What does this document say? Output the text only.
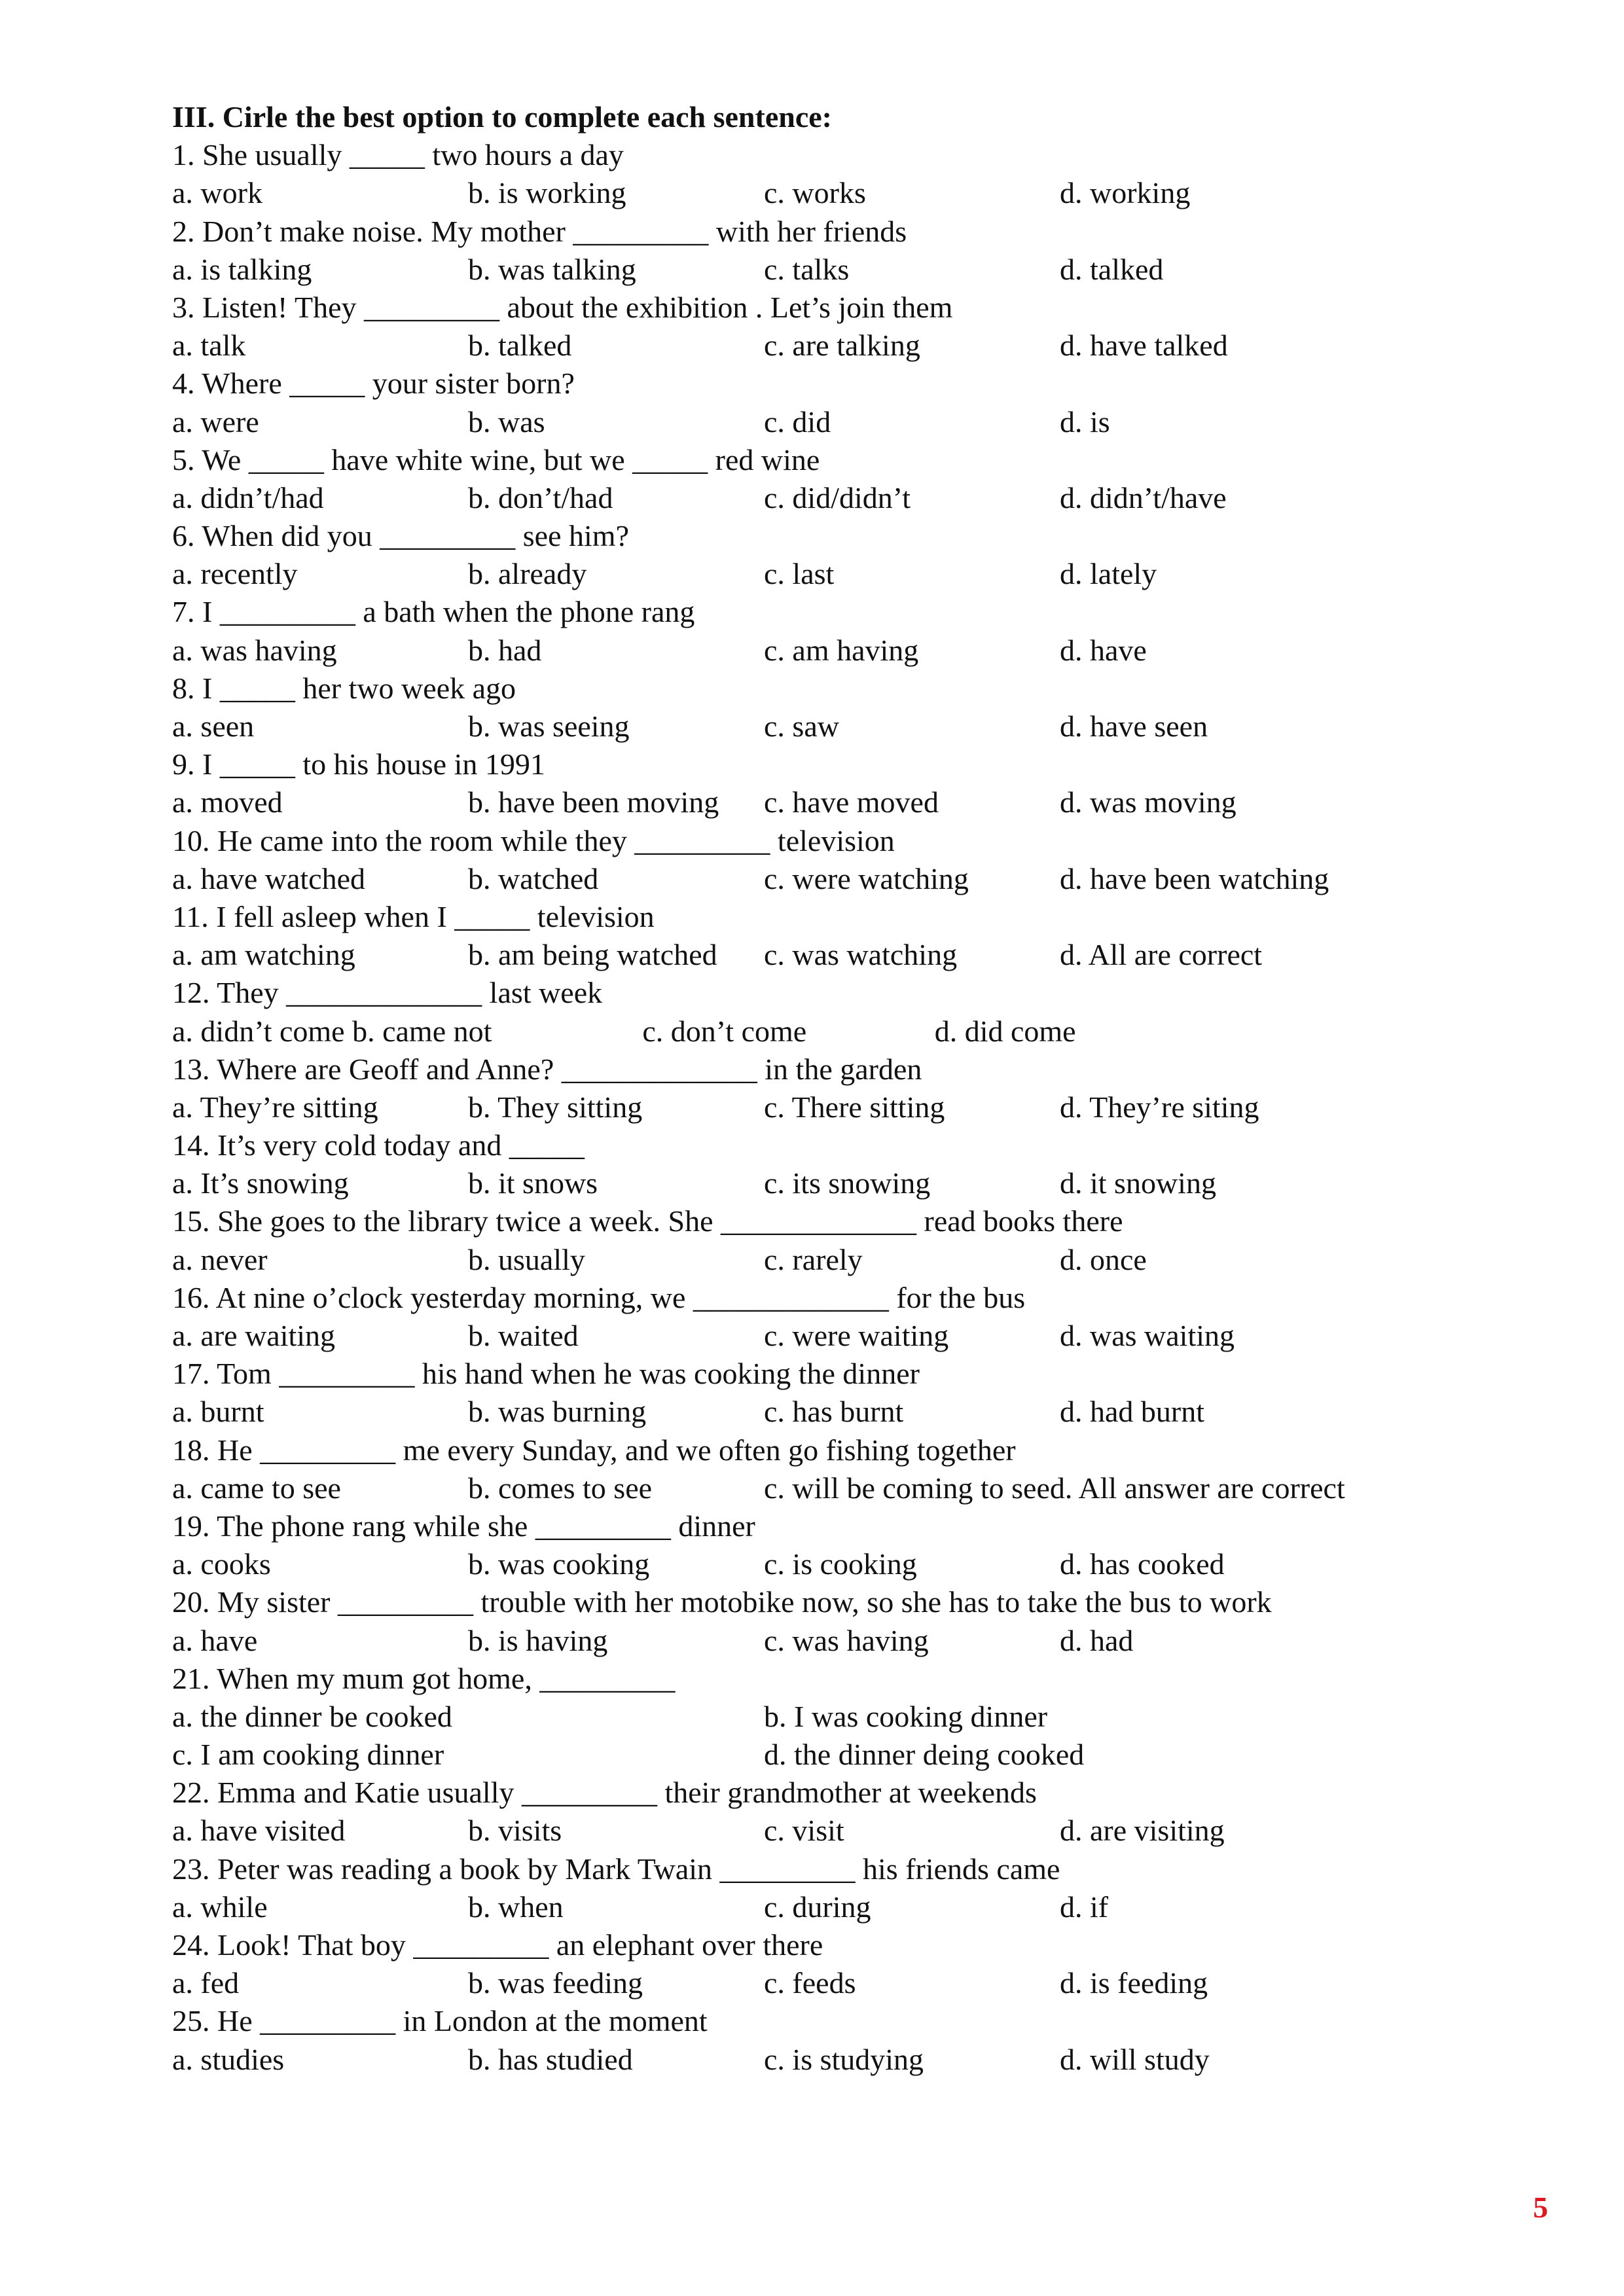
III. Cirle the best option to complete each sentence:
1. She usually _____ two hours a day
a. work	b. is working	c. works	d. working
2. Don’t make noise. My mother _________ with her friends
a. is talking	b. was talking	c. talks	d. talked
3. Listen! They _________ about the exhibition . Let’s join them
a. talk	b. talked	c. are talking	d. have talked
4. Where _____ your sister born?
a. were	b. was	c. did	d. is
5. We _____ have white wine, but we _____ red wine
a. didn’t/had	b. don’t/had	c. did/didn’t	d. didn’t/have
6. When did you _________ see him?
a. recently	b. already	c. last	d. lately
7. I _________ a bath when the phone rang
a. was having	b. had	c. am having	d. have
8. I _____ her two week ago
a. seen	b. was seeing	c. saw	d. have seen
9. I _____ to his house in 1991
a. moved	b. have been moving c. have moved	d. was moving
10. He came into the room while they _________ television
a. have watched	b. watched	c. were watching	d. have been watching
11. I fell asleep when I _____ television
a. am watching	b. am being watched c. was watching	d. All are correct
12. They _____________ last week
a. didn’t come b. came not                    c. don’t come                 d. did come
13. Where are Geoff and Anne? _____________ in the garden
a. They’re sitting	b. They sitting	c. There sitting	d. They’re siting
14. It’s very cold today and _____
a. It’s snowing	b. it snows	c. its snowing	d. it snowing
15. She goes to the library twice a week. She _____________ read books there
a. never	b. usually	c. rarely	d. once
16. At nine o’clock yesterday morning, we _____________ for the bus
a. are waiting	b. waited	c. were waiting	d. was waiting
17. Tom _________ his hand when he was cooking the dinner
a. burnt	b. was burning	c. has burnt	d. had burnt
18. He _________ me every Sunday, and we often go fishing together
a. came to see	b. comes to see	c. will be coming to seed. All answer are correct
19. The phone rang while she _________ dinner
a. cooks	b. was cooking	c. is cooking	d. has cooked
20. My sister _________ trouble with her motobike now, so she has to take the bus to work
a. have	b. is having	c. was having	d. had
21. When my mum got home, _________
a. the dinner be cooked	b. I was cooking dinner
c. I am cooking dinner	d. the dinner deing cooked
22. Emma and Katie usually _________ their grandmother at weekends
a. have visited	b. visits	c. visit	d. are visiting
23. Peter was reading a book by Mark Twain _________ his friends came
a. while	b. when	c. during	d. if
24. Look! That boy _________ an elephant over there
a. fed	b. was feeding	c. feeds	d. is feeding
25. He _________ in London at the moment
a. studies	b. has studied	c. is studying	d. will study
5
